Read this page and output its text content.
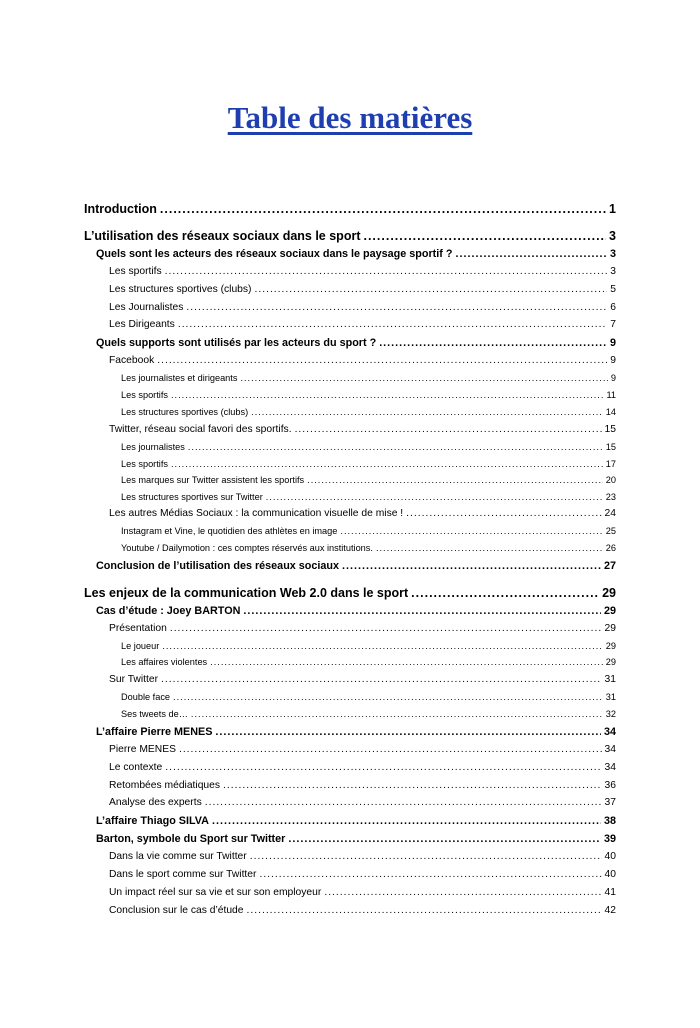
Table des matières
Introduction .....	1
L’utilisation des réseaux sociaux dans le sport .....	3
Quels sont les acteurs des réseaux sociaux dans le paysage sportif ? .....	3
Les sportifs .....	3
Les structures sportives (clubs) .....	5
Les Journalistes .....	6
Les Dirigeants .....	7
Quels supports sont utilisés par les acteurs du sport ? .....	9
Facebook .....	9
Les journalistes et dirigeants .....	9
Les sportifs .....	11
Les structures sportives (clubs) .....	14
Twitter, réseau social favori des sportifs. .....	15
Les journalistes .....	15
Les sportifs .....	17
Les marques sur Twitter assistent les sportifs .....	20
Les structures sportives sur Twitter .....	23
Les autres Médias Sociaux : la communication visuelle de mise ! .....	24
Instagram et Vine, le quotidien des athlètes en image .....	25
Youtube / Dailymotion : ces comptes réservés aux institutions. .....	26
Conclusion de l’utilisation des réseaux sociaux .....	27
Les enjeux de la communication Web 2.0 dans le sport .....	29
Cas d’étude : Joey BARTON .....	29
Présentation .....	29
Le joueur .....	29
Les affaires violentes .....	29
Sur Twitter .....	31
Double face .....	31
Ses tweets de… .....	32
L’affaire Pierre MENES .....	34
Pierre MENES .....	34
Le contexte .....	34
Retombées médiatiques .....	36
Analyse des experts .....	37
L’affaire Thiago SILVA .....	38
Barton, symbole du Sport sur Twitter .....	39
Dans la vie comme sur Twitter .....	40
Dans le sport comme sur Twitter .....	40
Un impact réel sur sa vie et sur son employeur .....	41
Conclusion sur le cas d’étude .....	42
